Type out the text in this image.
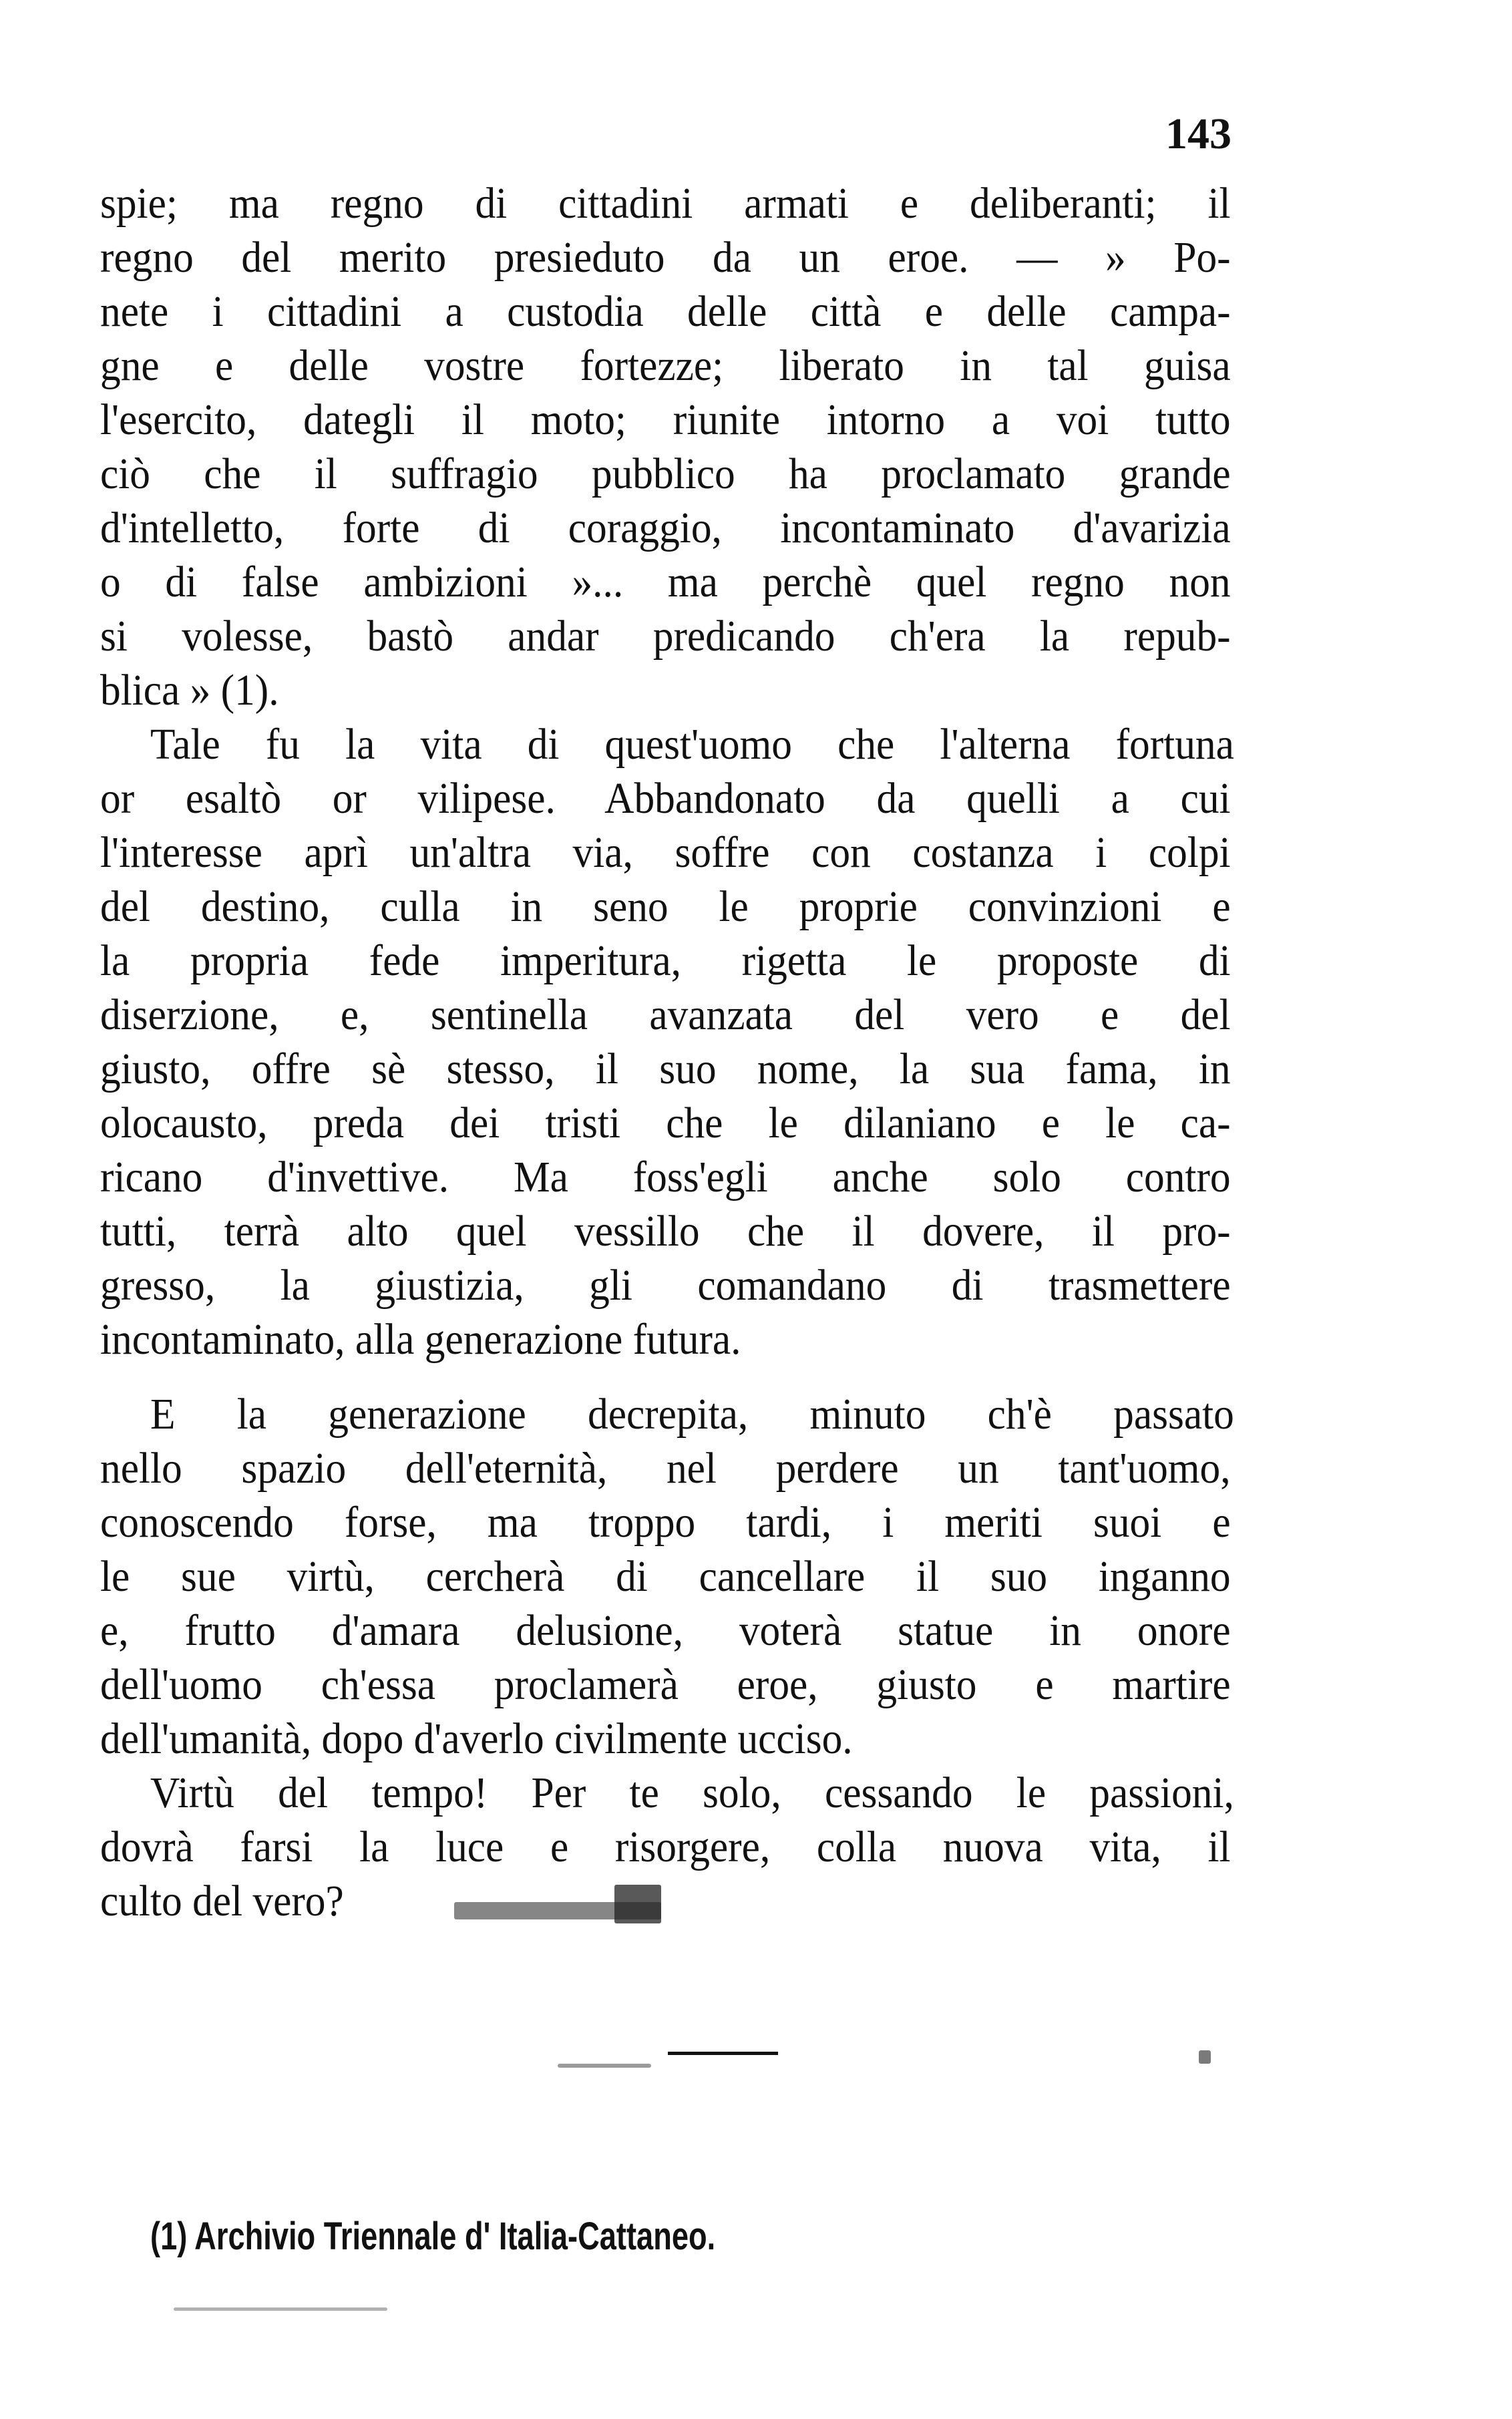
143
spie; ma regno di cittadini armati e deliberanti; il
regno del merito presieduto da un eroe. — » Po-
nete i cittadini a custodia delle città e delle campa-
gne e delle vostre fortezze; liberato in tal guisa
l'esercito, dategli il moto; riunite intorno a voi tutto
ciò che il suffragio pubblico ha proclamato grande
d'intelletto, forte di coraggio, incontaminato d'avarizia
o di false ambizioni »... ma perchè quel regno non
si volesse, bastò andar predicando ch'era la repub-
blica » (1).
Tale fu la vita di quest'uomo che l'alterna fortuna
or esaltò or vilipese. Abbandonato da quelli a cui
l'interesse aprì un'altra via, soffre con costanza i colpi
del destino, culla in seno le proprie convinzioni e
la propria fede imperitura, rigetta le proposte di
diserzione, e, sentinella avanzata del vero e del
giusto, offre sè stesso, il suo nome, la sua fama, in
olocausto, preda dei tristi che le dilaniano e le ca-
ricano d'invettive. Ma foss'egli anche solo contro
tutti, terrà alto quel vessillo che il dovere, il pro-
gresso, la giustizia, gli comandano di trasmettere
incontaminato, alla generazione futura.
E la generazione decrepita, minuto ch'è passato
nello spazio dell'eternità, nel perdere un tant'uomo,
conoscendo forse, ma troppo tardi, i meriti suoi e
le sue virtù, cercherà di cancellare il suo inganno
e, frutto d'amara delusione, voterà statue in onore
dell'uomo ch'essa proclamerà eroe, giusto e martire
dell'umanità, dopo d'averlo civilmente ucciso.
Virtù del tempo! Per te solo, cessando le passioni,
dovrà farsi la luce e risorgere, colla nuova vita, il
culto del vero?
(1) Archivio Triennale d' Italia-Cattaneo.
